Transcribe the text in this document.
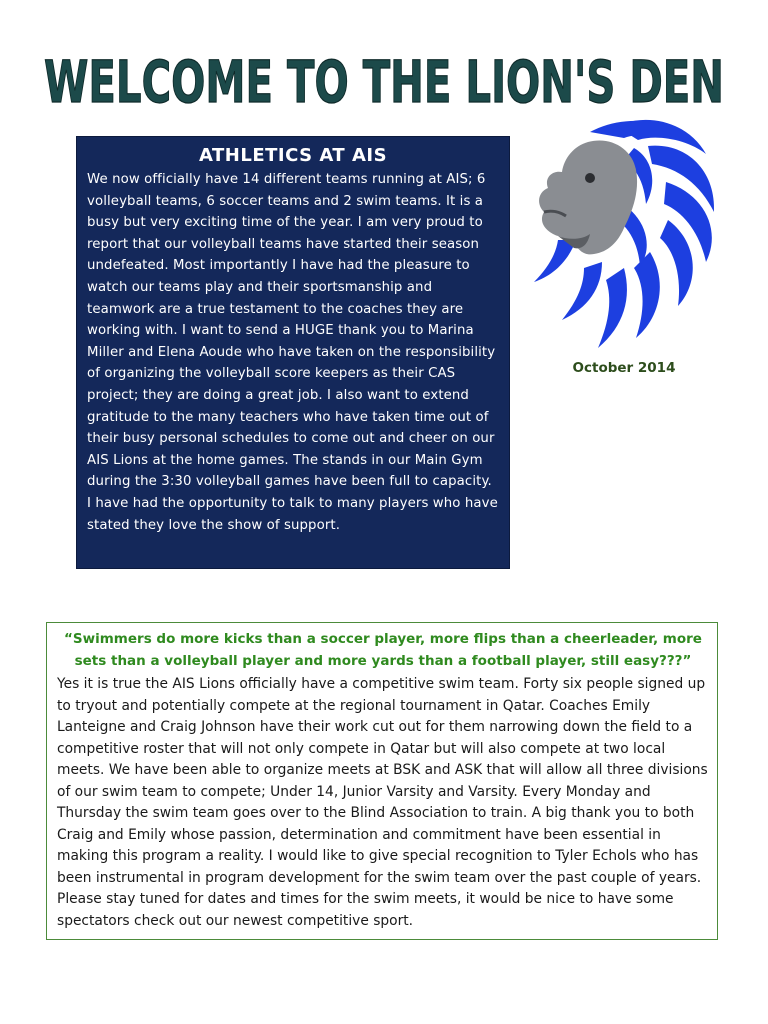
WELCOME TO THE LION'S DEN
ATHLETICS AT AIS

We now officially have 14 different teams running at AIS; 6 volleyball teams, 6 soccer teams and 2 swim teams. It is a busy but very exciting time of the year. I am very proud to report that our volleyball teams have started their season undefeated. Most importantly I have had the pleasure to watch our teams play and their sportsmanship and teamwork are a true testament to the coaches they are working with. I want to send a HUGE thank you to Marina Miller and Elena Aoude who have taken on the responsibility of organizing the volleyball score keepers as their CAS project; they are doing a great job. I also want to extend gratitude to the many teachers who have taken time out of their busy personal schedules to come out and cheer on our AIS Lions at the home games. The stands in our Main Gym during the 3:30 volleyball games have been full to capacity. I have had the opportunity to talk to many players who have stated they love the show of support.

October 2014

“Swimmers do more kicks than a soccer player, more flips than a cheerleader, more sets than a volleyball player and more yards than a football player, still easy???”

Yes it is true the AIS Lions officially have a competitive swim team. Forty six people signed up to tryout and potentially compete at the regional tournament in Qatar. Coaches Emily Lanteigne and Craig Johnson have their work cut out for them narrowing down the field to a competitive roster that will not only compete in Qatar but will also compete at two local meets. We have been able to organize meets at BSK and ASK that will allow all three divisions of our swim team to compete; Under 14, Junior Varsity and Varsity. Every Monday and Thursday the swim team goes over to the Blind Association to train. A big thank you to both Craig and Emily whose passion, determination and commitment have been essential in making this program a reality. I would like to give special recognition to Tyler Echols who has been instrumental in program development for the swim team over the past couple of years. Please stay tuned for dates and times for the swim meets, it would be nice to have some spectators check out our newest competitive sport.
